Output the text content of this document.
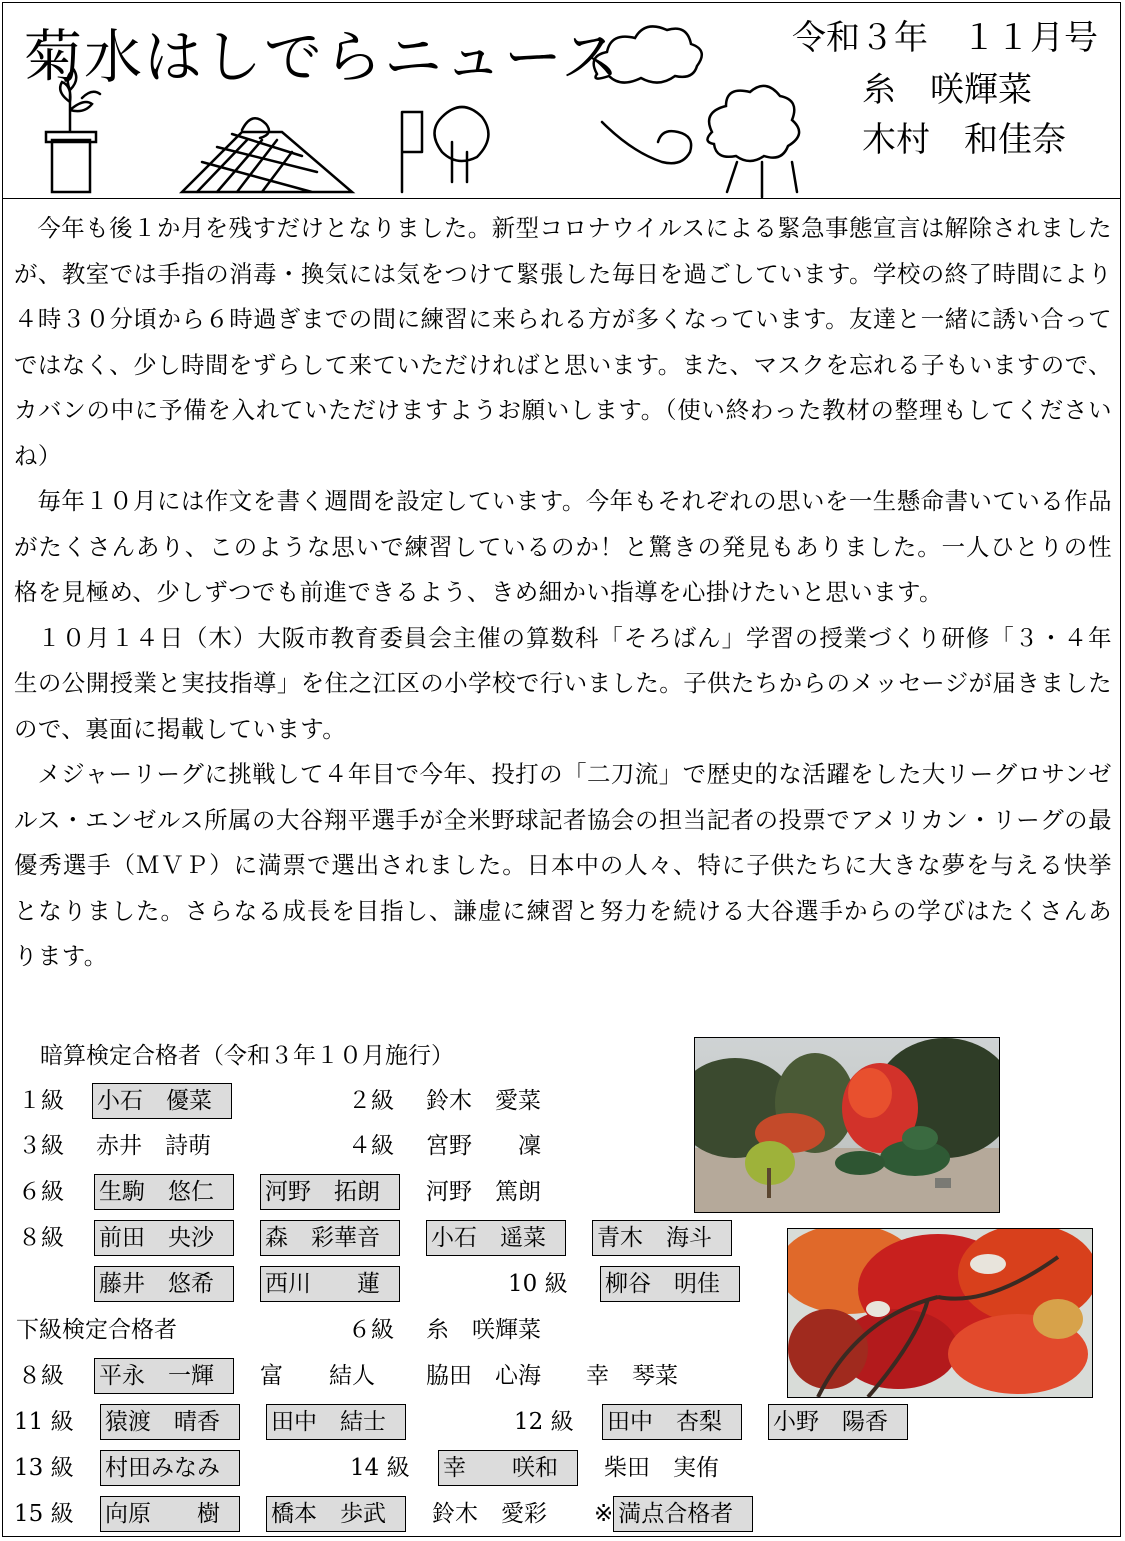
菊水はしでらニュース	令和３年　１１月号
糸　咲輝菜
木村　和佳奈

今年も後１か月を残すだけとなりました。新型コロナウイルスによる緊急事態宣言は解除されましたが、教室では手指の消毒・換気には気をつけて緊張した毎日を過ごしています。学校の終了時間により４時３０分頃から６時過ぎまでの間に練習に来られる方が多くなっています。友達と一緒に誘い合ってではなく、少し時間をずらして来ていただければと思います。また、マスクを忘れる子もいますので、カバンの中に予備を入れていただけますようお願いします。（使い終わった教材の整理もしてくださいね）

毎年１０月には作文を書く週間を設定しています。今年もそれぞれの思いを一生懸命書いている作品がたくさんあり、このような思いで練習しているのか！と驚きの発見もありました。一人ひとりの性格を見極め、少しずつでも前進できるよう、きめ細かい指導を心掛けたいと思います。

１０月１４日（木）大阪市教育委員会主催の算数科「そろばん」学習の授業づくり研修「３・４年生の公開授業と実技指導」を住之江区の小学校で行いました。子供たちからのメッセージが届きましたので、裏面に掲載しています。

メジャーリーグに挑戦して４年目で今年、投打の「二刀流」で歴史的な活躍をした大リーグロサンゼルス・エンゼルス所属の大谷翔平選手が全米野球記者協会の担当記者の投票でアメリカン・リーグの最優秀選手（ＭＶＰ）に満票で選出されました。日本中の人々、特に子供たちに大きな夢を与える快挙となりました。さらなる成長を目指し、謙虚に練習と努力を続ける大谷選手からの学びはたくさんあります。

暗算検定合格者（令和３年１０月施行）
１級 小石　優菜	２級 鈴木　愛菜
３級 赤井　詩萌	４級 宮野　　凜
６級 生駒　悠仁 河野　拓朗 河野　篤朗
８級 前田　央沙 森　彩華音 小石　遥菜 青木　海斗
藤井　悠希 西川　　蓮	10 級 柳谷　明佳
下級検定合格者	６級 糸　咲輝菜
８級 平永　一輝 富　　結人 脇田　心海 幸　琴菜
11 級 猿渡　晴香 田中　結士	12 級 田中　杏梨 小野　陽香
13 級 村田みなみ	14 級 幸　　咲和 柴田　実侑
15 級 向原　　樹 橋本　歩武 鈴木　愛彩 ※ 満点合格者
